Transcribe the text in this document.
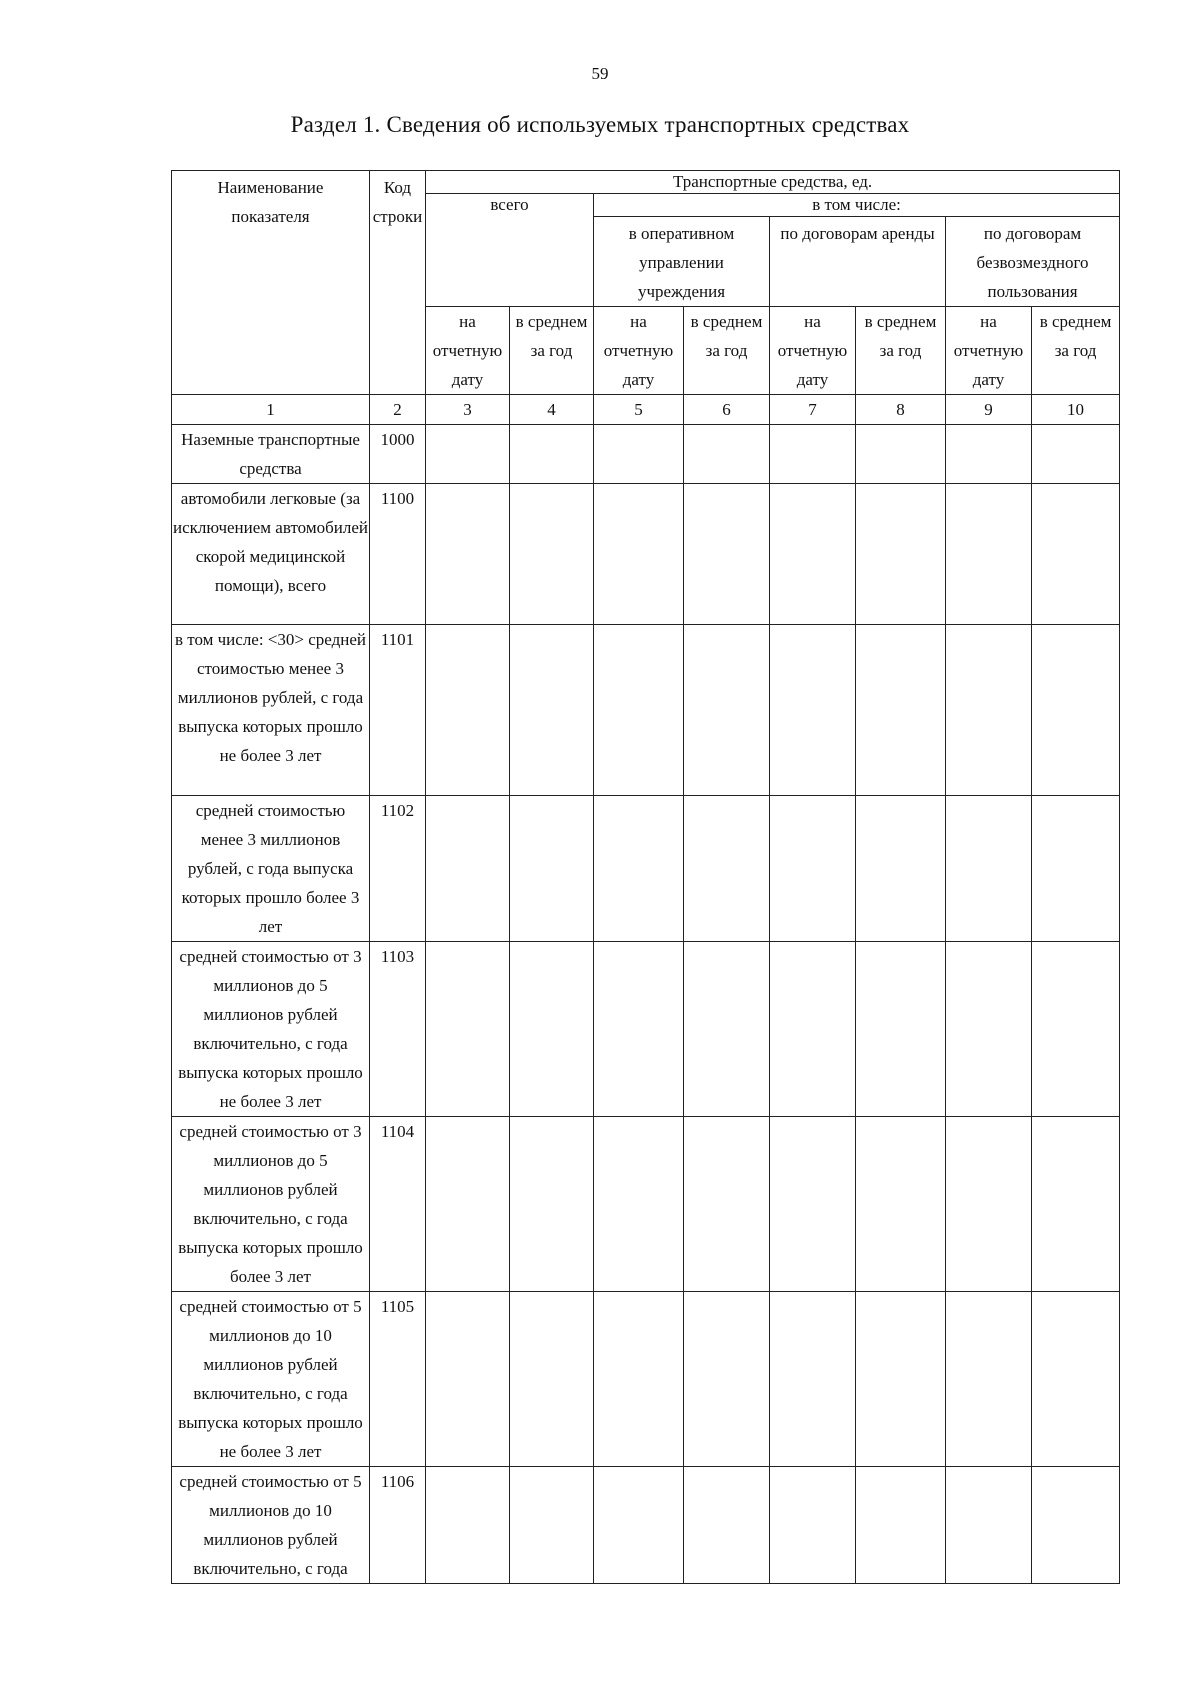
59
Раздел 1. Сведения об используемых транспортных средствах
Наименование показателя	Код строки	Транспортные средства, ед.							
		всего		в том числе:					
				в оперативном управлении учреждения		по договорам аренды		по договорам безвозмездного пользования	
		на отчетную дату	в среднем за год	на отчетную дату	в среднем за год	на отчетную дату	в среднем за год	на отчетную дату	в среднем за год
1	2	3	4	5	6	7	8	9	10
Наземные транспортные средства	1000								
автомобили легковые (за исключением автомобилей скорой медицинской помощи), всего	1100								
в том числе: <30> средней стоимостью менее 3 миллионов рублей, с года выпуска которых прошло не более 3 лет	1101								
средней стоимостью менее 3 миллионов рублей, с года выпуска которых прошло более 3 лет	1102								
средней стоимостью от 3 миллионов до 5 миллионов рублей включительно, с года выпуска которых прошло не более 3 лет	1103								
средней стоимостью от 3 миллионов до 5 миллионов рублей включительно, с года выпуска которых прошло более 3 лет	1104								
средней стоимостью от 5 миллионов до 10 миллионов рублей включительно, с года выпуска которых прошло не более 3 лет	1105								
средней стоимостью от 5 миллионов до 10 миллионов рублей включительно, с года	1106								
